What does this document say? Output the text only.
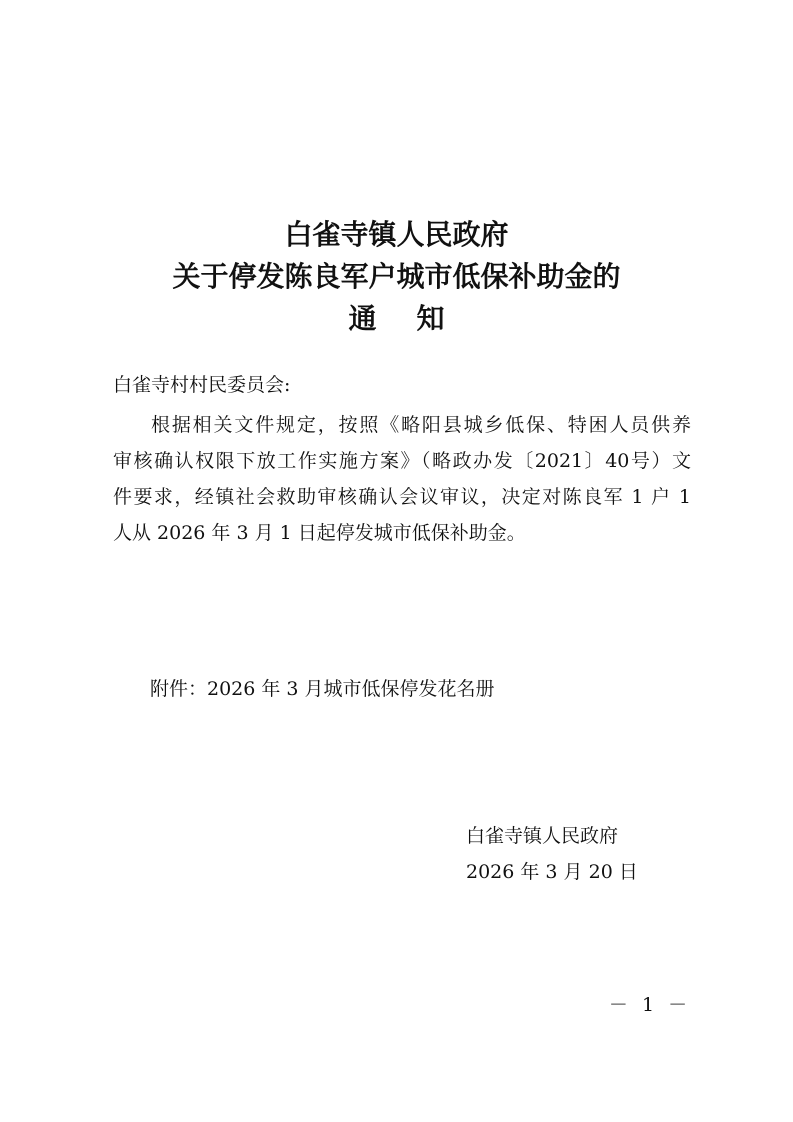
白雀寺镇人民政府
关于停发陈良军户城市低保补助金的
通 知
白雀寺村村民委员会:
根据相关文件规定，按照《略阳县城乡低保、特困人员供养
审核确认权限下放工作实施方案》（略政办发〔2021〕40号）文
件要求，经镇社会救助审核确认会议审议，决定对陈良军 1 户 1
人从 2026 年 3 月 1 日起停发城市低保补助金。
附件：2026 年 3 月城市低保停发花名册
白雀寺镇人民政府
2026 年 3 月 20 日
－ 1 －
